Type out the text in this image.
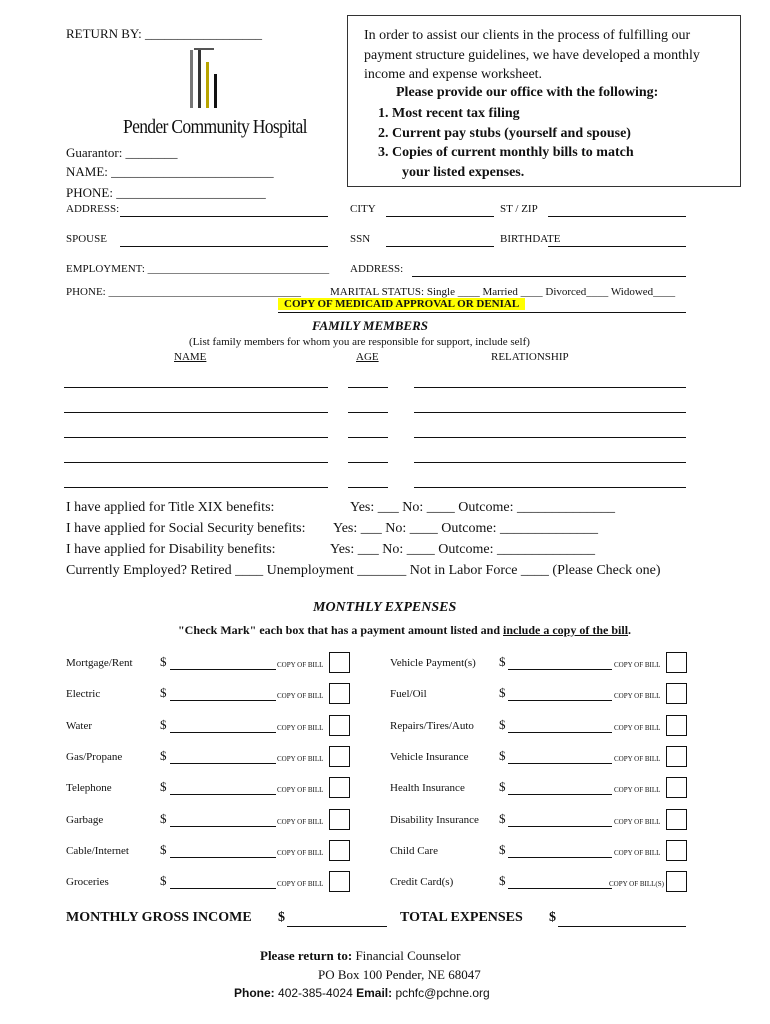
RETURN BY: __________________
Pender Community Hospital
Guarantor: ________
NAME: _________________________
PHONE: _______________________
In order to assist our clients in the process of fulfilling our
payment structure guidelines, we have developed a monthly
income and expense worksheet.
Please provide our office with the following:
1. Most recent tax filing
2. Current pay stubs (yourself and spouse)
3. Copies of current monthly bills to match
your listed expenses.
ADDRESS:	CITY	ST / ZIP
SPOUSE	SSN	BIRTHDATE
EMPLOYMENT: _________________________________ ADDRESS:
PHONE: ___________________________________	MARITAL STATUS: Single ____ Married ____ Divorced____ Widowed____
COPY OF MEDICAID APPROVAL OR DENIAL
FAMILY MEMBERS
(List family members for whom you are responsible for support, include self)
NAME	AGE	RELATIONSHIP
I have applied for Title XIX benefits:	Yes: ___ No: ____ Outcome: ______________
I have applied for Social Security benefits: Yes: ___ No: ____ Outcome: ______________
I have applied for Disability benefits:	Yes: ___ No: ____ Outcome: ______________
Currently Employed? Retired ____ Unemployment _______ Not in Labor Force ____ (Please Check one)
MONTHLY EXPENSES
"Check Mark" each box that has a payment amount listed and include a copy of the bill.
Mortgage/Rent $	COPY OF BILL	Vehicle Payment(s) $	COPY OF BILL
Electric	$	COPY OF BILL	Fuel/Oil	$	COPY OF BILL
Water	$	COPY OF BILL	Repairs/Tires/Auto $	COPY OF BILL
Gas/Propane	$	COPY OF BILL	Vehicle Insurance $	COPY OF BILL
Telephone	$	COPY OF BILL	Health Insurance	$	COPY OF BILL
Garbage	$	COPY OF BILL	Disability Insurance $	COPY OF BILL
Cable/Internet $	COPY OF BILL	Child Care	$	COPY OF BILL
Groceries	$	COPY OF BILL	Credit Card(s)	$	COPY OF BILL(S)
MONTHLY GROSS INCOME $	TOTAL EXPENSES $
Please return to: Financial Counselor
PO Box 100 Pender, NE 68047
Phone: 402-385-4024 Email: pchfc@pchne.org
